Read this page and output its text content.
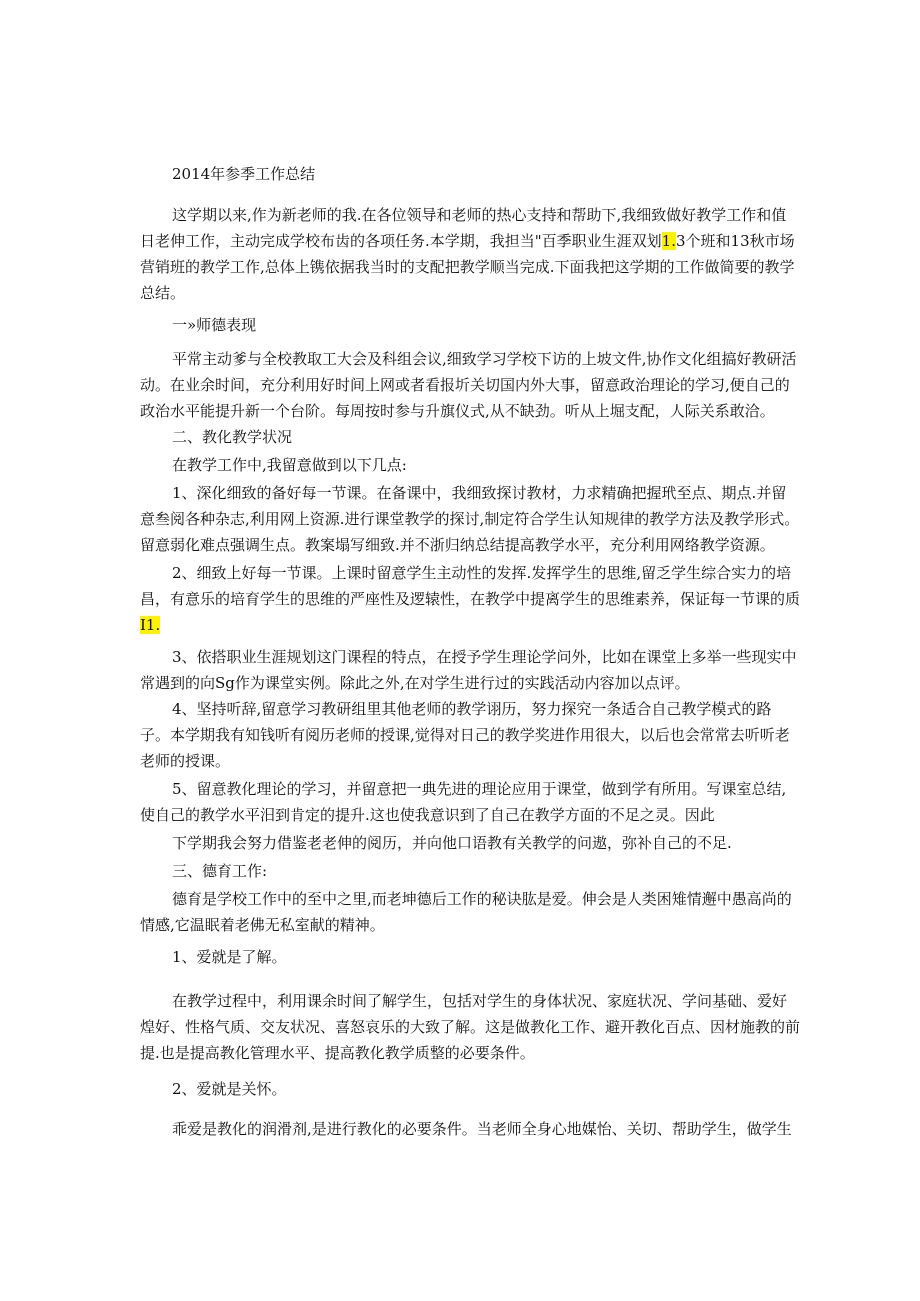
2014年参季工作总结
这学期以来,作为新老师的我.在各位领导和老师的热心支持和帮助下,我细致做好教学工作和值日老伸工作，主动完成学校布齿的各项任务.本学期，我担当"百季职业生涯双划1.3个班和13秋市场营销班的教学工作,总体上镌依据我当时的支配把教学顺当完成.下面我把这学期的工作做简要的教学总结。
一»师德表现
平常主动爹与全校教取工大会及科组会议,细致学习学校下访的上坡文件,协作文化组搞好教研活动。在业余时间，充分利用好时间上网或者看报圻关切国内外大事，留意政治理论的学习,便自己的政治水平能提升新一个台阶。每周按时参与升旗仪式,从不缺劲。听从上堀支配，人际关系敢洽。
二、教化教学状况
在教学工作中,我留意做到以下几点:
1、深化细致的备好每一节课。在备课中，我细致探讨教材，力求精确把握玳至点、期点.并留意叁阅各种杂志,利用网上资源.进行课堂教学的探讨,制定符合学生认知规律的教学方法及教学形式。留意弱化难点强调生点。教案塌写细致.并不浙归纳总结提高教学水平，充分利用网络教学资源。
2、细致上好每一节课。上课时留意学生主动性的发挥.发挥学生的思维,留乏学生综合实力的培昌，有意乐的培育学生的思维的严座性及逻辕性，在教学中提离学生的思维素养，保证每一节课的质I1.
3、依搭职业生涯规划这门课程的特点，在授予学生理论学问外，比如在课堂上多举一些现实中常遇到的向Sg作为课堂实例。除此之外,在对学生进行过的实践活动内容加以点评。
4、坚持听辞,留意学习教研组里其他老师的教学诩历，努力探究一条适合自己教学模式的路子。本学期我有知钱听有阅历老师的授课,觉得对日己的教学奖进作用很大，以后也会常常去听听老老师的授课。
5、留意教化理论的学习，并留意把一典先进的理论应用于课堂，做到学有所用。写课室总结,使自己的教学水平汨到肯定的提升.这也使我意识到了自己在教学方面的不足之灵。因此
下学期我会努力借鉴老老伸的阅历，并向他口语教有关教学的问遨，弥补自己的不足.
三、德育工作:
德育是学校工作中的至中之里,而老坤德后工作的秘诀肱是爱。伸会是人类困雉情邂中愚高尚的情感,它温眠着老佛无私室献的精神。
1、爱就是了解。
在教学过程中，利用课余时间了解学生，包括对学生的身体状况、家庭状况、学问基础、爱好煌好、性格气质、交友状况、喜怒哀乐的大致了解。这是做教化工作、避开教化百点、因材施教的前提.也是提高教化管理水平、提高教化教学质整的必要条件。
2、爱就是关怀。
乖爱是教化的润滑剂,是进行教化的必要条件。当老师全身心地媒怡、关切、帮助学生，做学生
